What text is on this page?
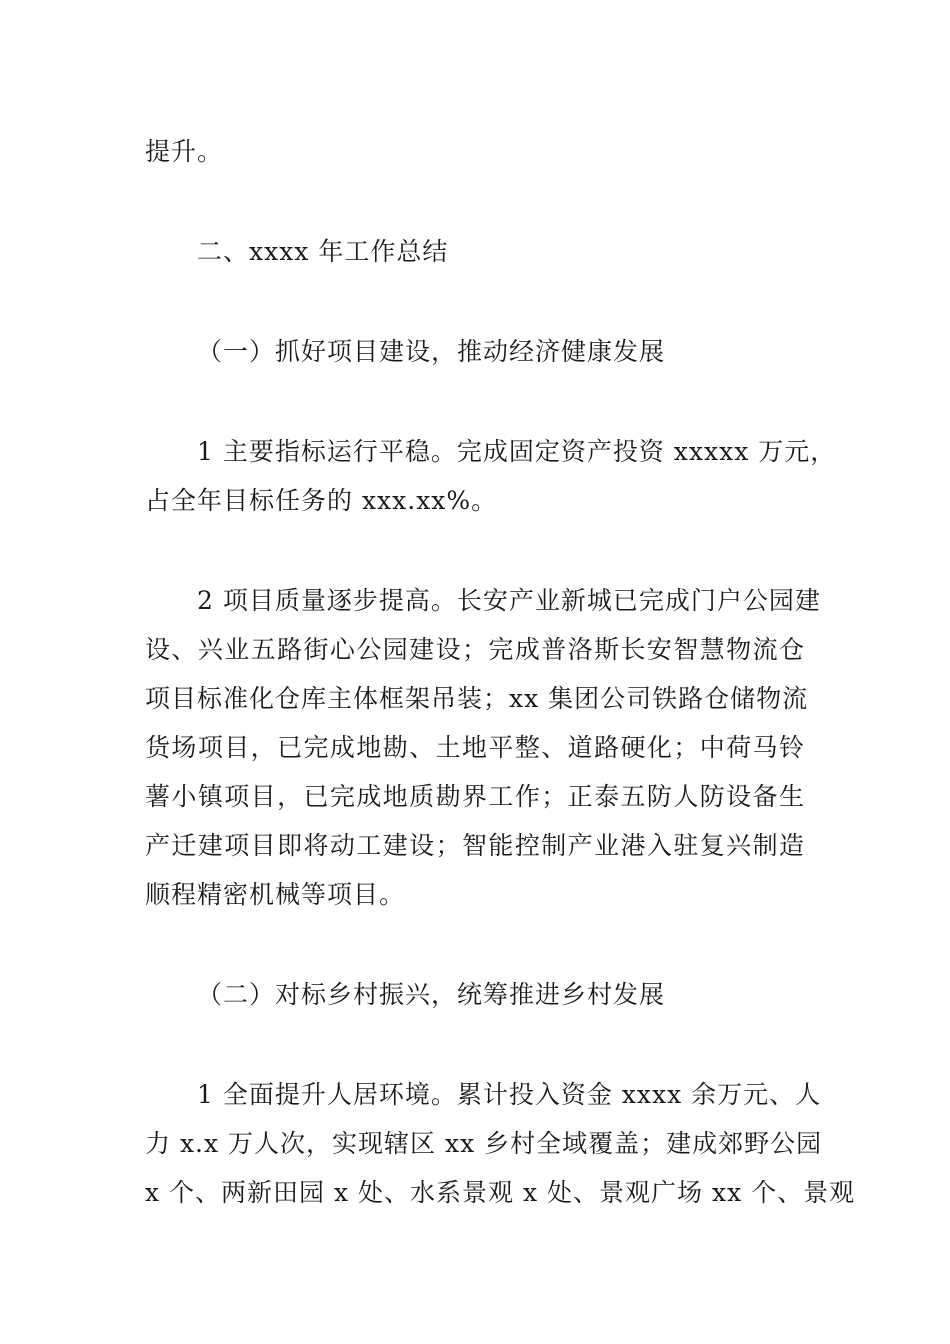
提升。
二、xxxx 年工作总结
（一）抓好项目建设，推动经济健康发展
1 主要指标运行平稳。完成固定资产投资 xxxxx 万元，
占全年目标任务的 xxx.xx%。
2 项目质量逐步提高。长安产业新城已完成门户公园建
设、兴业五路街心公园建设；完成普洛斯长安智慧物流仓
项目标准化仓库主体框架吊装；xx 集团公司铁路仓储物流
货场项目，已完成地勘、土地平整、道路硬化；中荷马铃
薯小镇项目，已完成地质勘界工作；正泰五防人防设备生
产迁建项目即将动工建设；智能控制产业港入驻复兴制造
顺程精密机械等项目。
（二）对标乡村振兴，统筹推进乡村发展
1 全面提升人居环境。累计投入资金 xxxx 余万元、人
力 x.x 万人次，实现辖区 xx 乡村全域覆盖；建成郊野公园
x 个、两新田园 x 处、水系景观 x 处、景观广场 xx 个、景观
